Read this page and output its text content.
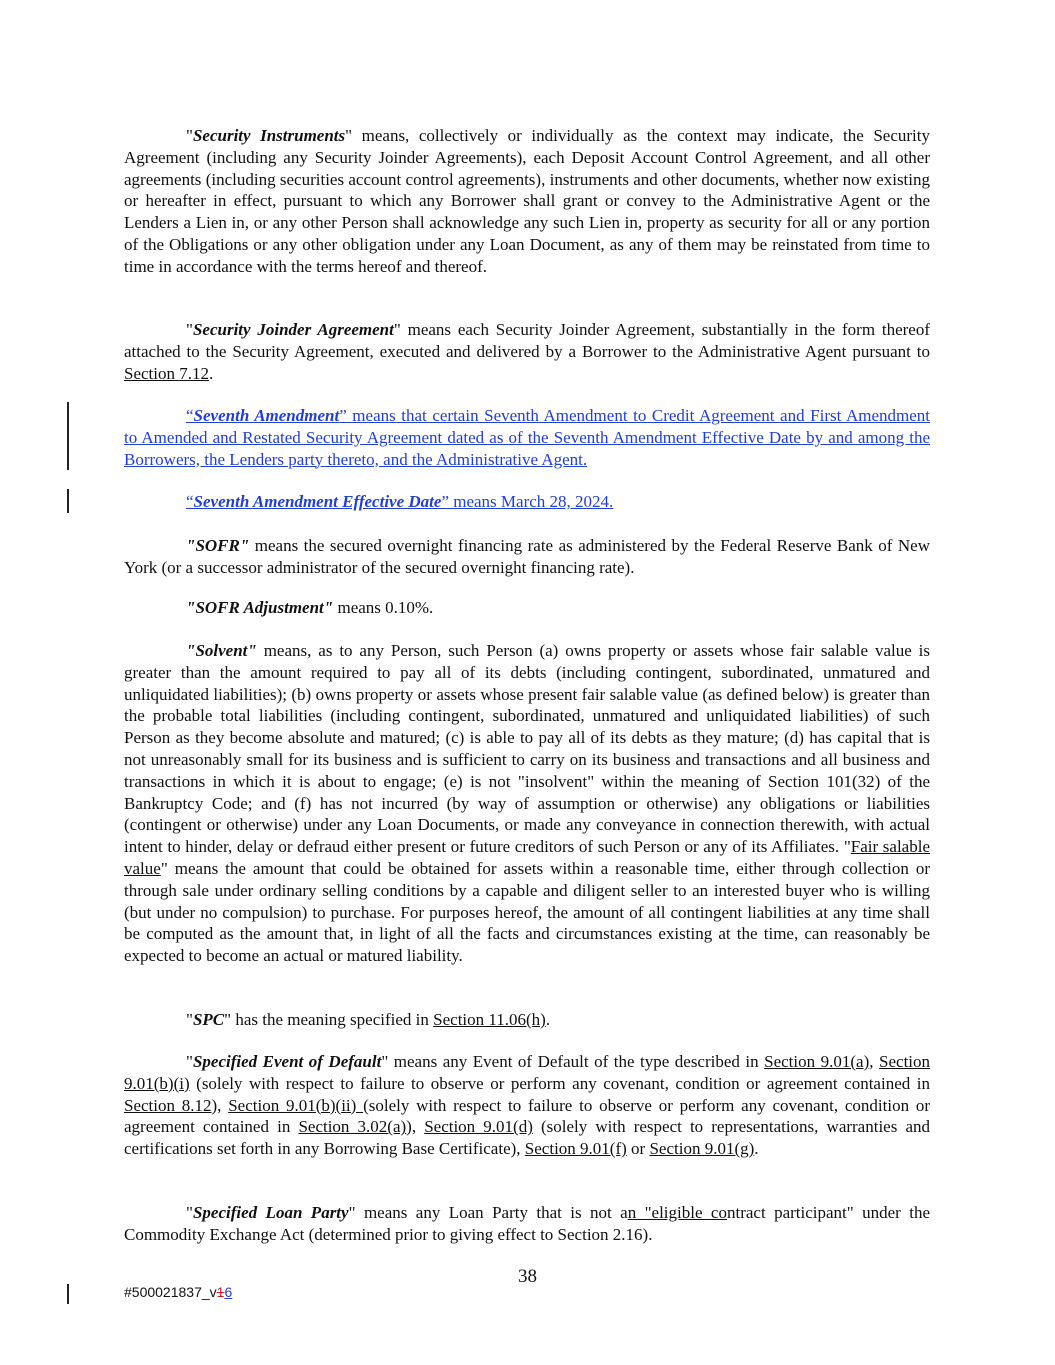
"Security Instruments" means, collectively or individually as the context may indicate, the Security Agreement (including any Security Joinder Agreements), each Deposit Account Control Agreement, and all other agreements (including securities account control agreements), instruments and other documents, whether now existing or hereafter in effect, pursuant to which any Borrower shall grant or convey to the Administrative Agent or the Lenders a Lien in, or any other Person shall acknowledge any such Lien in, property as security for all or any portion of the Obligations or any other obligation under any Loan Document, as any of them may be reinstated from time to time in accordance with the terms hereof and thereof.

"Security Joinder Agreement" means each Security Joinder Agreement, substantially in the form thereof attached to the Security Agreement, executed and delivered by a Borrower to the Administrative Agent pursuant to Section 7.12.

“Seventh Amendment” means that certain Seventh Amendment to Credit Agreement and First Amendment to Amended and Restated Security Agreement dated as of the Seventh Amendment Effective Date by and among the Borrowers, the Lenders party thereto, and the Administrative Agent.

“Seventh Amendment Effective Date” means March 28, 2024.

"SOFR" means the secured overnight financing rate as administered by the Federal Reserve Bank of New York (or a successor administrator of the secured overnight financing rate).

"SOFR Adjustment" means 0.10%.

"Solvent" means, as to any Person, such Person (a) owns property or assets whose fair salable value is greater than the amount required to pay all of its debts (including contingent, subordinated, unmatured and unliquidated liabilities); (b) owns property or assets whose present fair salable value (as defined below) is greater than the probable total liabilities (including contingent, subordinated, unmatured and unliquidated liabilities) of such Person as they become absolute and matured; (c) is able to pay all of its debts as they mature; (d) has capital that is not unreasonably small for its business and is sufficient to carry on its business and transactions and all business and transactions in which it is about to engage; (e) is not "insolvent" within the meaning of Section 101(32) of the Bankruptcy Code; and (f) has not incurred (by way of assumption or otherwise) any obligations or liabilities (contingent or otherwise) under any Loan Documents, or made any conveyance in connection therewith, with actual intent to hinder, delay or defraud either present or future creditors of such Person or any of its Affiliates. "Fair salable value" means the amount that could be obtained for assets within a reasonable time, either through collection or through sale under ordinary selling conditions by a capable and diligent seller to an interested buyer who is willing (but under no compulsion) to purchase. For purposes hereof, the amount of all contingent liabilities at any time shall be computed as the amount that, in light of all the facts and circumstances existing at the time, can reasonably be expected to become an actual or matured liability.

"SPC" has the meaning specified in Section 11.06(h).

"Specified Event of Default" means any Event of Default of the type described in Section 9.01(a), Section 9.01(b)(i) (solely with respect to failure to observe or perform any covenant, condition or agreement contained in Section 8.12), Section 9.01(b)(ii) (solely with respect to failure to observe or perform any covenant, condition or agreement contained in Section 3.02(a)), Section 9.01(d) (solely with respect to representations, warranties and certifications set forth in any Borrowing Base Certificate), Section 9.01(f) or Section 9.01(g).

"Specified Loan Party" means any Loan Party that is not an "eligible contract participant" under the Commodity Exchange Act (determined prior to giving effect to Section 2.16).

38
#500021837_v16
